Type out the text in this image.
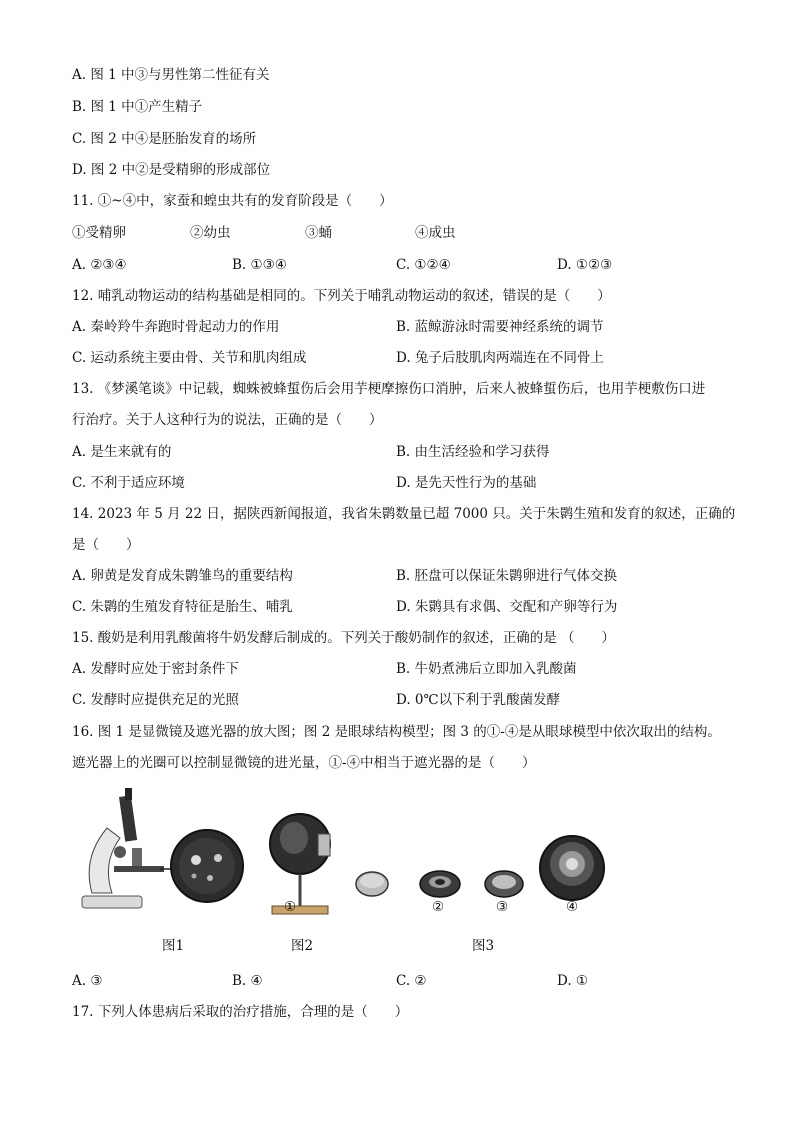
A. 图 1 中③与男性第二性征有关
B. 图 1 中①产生精子
C. 图 2 中④是胚胎发育的场所
D. 图 2 中②是受精卵的形成部位
11. ①~④中，家蚕和蝗虫共有的发育阶段是（　　）
①受精卵	②幼虫	③蛹	④成虫
A. ②③④	B. ①③④	C. ①②④	D. ①②③
12. 哺乳动物运动的结构基础是相同的。下列关于哺乳动物运动的叙述，错误的是（　　）
A. 秦岭羚牛奔跑时骨起动力的作用	B. 蓝鲸游泳时需要神经系统的调节
C. 运动系统主要由骨、关节和肌肉组成	D. 兔子后肢肌肉两端连在不同骨上
13. 《梦溪笔谈》中记载，蜘蛛被蜂蜇伤后会用芋梗摩擦伤口消肿，后来人被蜂蜇伤后，也用芋梗敷伤口进
行治疗。关于人这种行为的说法，正确的是（　　）
A. 是生来就有的	B. 由生活经验和学习获得
C. 不利于适应环境	D. 是先天性行为的基础
14. 2023 年 5 月 22 日，据陕西新闻报道，我省朱鹮数量已超 7000 只。关于朱鹮生殖和发育的叙述，正确的
是（　　）
A. 卵黄是发育成朱鹮雏鸟的重要结构	B. 胚盘可以保证朱鹮卵进行气体交换
C. 朱鹮的生殖发育特征是胎生、哺乳	D. 朱鹮具有求偶、交配和产卵等行为
15. 酸奶是利用乳酸菌将牛奶发酵后制成的。下列关于酸奶制作的叙述，正确的是 （　　）
A. 发酵时应处于密封条件下	B. 牛奶煮沸后立即加入乳酸菌
C. 发酵时应提供充足的光照	D. 0℃以下利于乳酸菌发酵
16. 图 1 是显微镜及遮光器的放大图；图 2 是眼球结构模型；图 3 的①-④是从眼球模型中依次取出的结构。
遮光器上的光圈可以控制显微镜的进光量，①-④中相当于遮光器的是（　　）
①	②	③	④
图1	图2	图3
A. ③	B. ④	C. ②	D. ①
17. 下列人体患病后采取的治疗措施，合理的是（　　）
